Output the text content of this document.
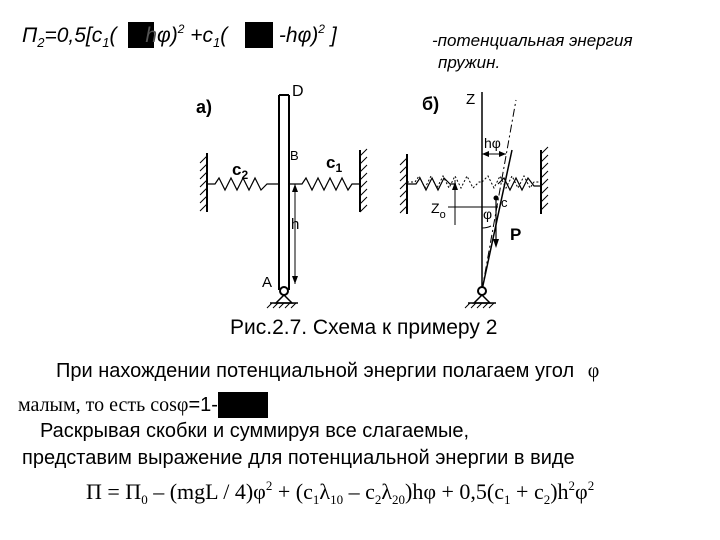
$П_2=0,5[c_1$( $h\varphi)^2 +c_1$(  -hφ)$^2$ ]	-потенциальная энергия
пружин.
а)
D
B
$c_2$
$c_1$
h
A
б) Z
hφ
$Z_o$	φ
c
P
Рис.2.7. Схема к примеру 2
При нахождении потенциальной энергии полагаем угол φ
малым, то есть cosφ=1-
Раскрывая скобки и суммируя все слагаемые,
представим выражение для потенциальной энергии в виде
$П = П_0 - (mgL / 4)\varphi^2 + (c_1\lambda_{10} - c_2\lambda_{20})h\varphi + 0,5(c_1 + c_2)h^2\varphi^2$
